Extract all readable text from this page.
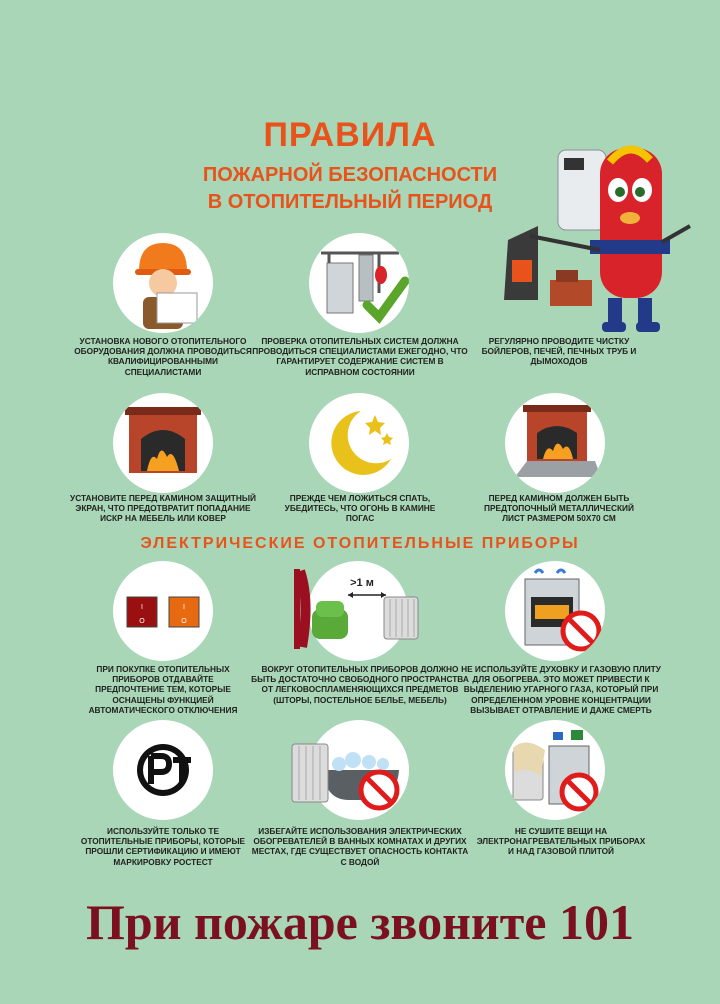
ПРАВИЛА
ПОЖАРНОЙ БЕЗОПАСНОСТИ
В ОТОПИТЕЛЬНЫЙ ПЕРИОД
УСТАНОВКА НОВОГО ОТОПИТЕЛЬНОГО ОБОРУДОВАНИЯ ДОЛЖНА ПРОВОДИТЬСЯ КВАЛИФИЦИРОВАННЫМИ СПЕЦИАЛИСТАМИ
ПРОВЕРКА ОТОПИТЕЛЬНЫХ СИСТЕМ ДОЛЖНА ПРОВОДИТЬСЯ СПЕЦИАЛИСТАМИ ЕЖЕГОДНО, ЧТО ГАРАНТИРУЕТ СОДЕРЖАНИЕ СИСТЕМ В ИСПРАВНОМ СОСТОЯНИИ
РЕГУЛЯРНО ПРОВОДИТЕ ЧИСТКУ БОЙЛЕРОВ, ПЕЧЕЙ, ПЕЧНЫХ ТРУБ И ДЫМОХОДОВ
УСТАНОВИТЕ ПЕРЕД КАМИНОМ ЗАЩИТНЫЙ ЭКРАН, ЧТО ПРЕДОТВРАТИТ ПОПАДАНИЕ ИСКР НА МЕБЕЛЬ ИЛИ КОВЕР
ПРЕЖДЕ ЧЕМ ЛОЖИТЬСЯ СПАТЬ, УБЕДИТЕСЬ, ЧТО ОГОНЬ В КАМИНЕ ПОГАС
ПЕРЕД КАМИНОМ ДОЛЖЕН БЫТЬ ПРЕДТОПОЧНЫЙ МЕТАЛЛИЧЕСКИЙ ЛИСТ РАЗМЕРОМ 50X70 СМ
ЭЛЕКТРИЧЕСКИЕ ОТОПИТЕЛЬНЫЕ ПРИБОРЫ
I
O
I
O
>1 м
ПРИ ПОКУПКЕ ОТОПИТЕЛЬНЫХ ПРИБОРОВ ОТДАВАЙТЕ ПРЕДПОЧТЕНИЕ ТЕМ, КОТОРЫЕ ОСНАЩЕНЫ ФУНКЦИЕЙ АВТОМАТИЧЕСКОГО ОТКЛЮЧЕНИЯ
ВОКРУГ ОТОПИТЕЛЬНЫХ ПРИБОРОВ ДОЛЖНО БЫТЬ ДОСТАТОЧНО СВОБОДНОГО ПРОСТРАНСТВА ОТ ЛЕГКОВОСПЛАМЕНЯЮЩИХСЯ ПРЕДМЕТОВ (ШТОРЫ, ПОСТЕЛЬНОЕ БЕЛЬЕ, МЕБЕЛЬ)
НЕ ИСПОЛЬЗУЙТЕ ДУХОВКУ И ГАЗОВУЮ ПЛИТУ ДЛЯ ОБОГРЕВА. ЭТО МОЖЕТ ПРИВЕСТИ К ВЫДЕЛЕНИЮ УГАРНОГО ГАЗА, КОТОРЫЙ ПРИ ОПРЕДЕЛЕННОМ УРОВНЕ КОНЦЕНТРАЦИИ ВЫЗЫВАЕТ ОТРАВЛЕНИЕ И ДАЖЕ СМЕРТЬ
ИСПОЛЬЗУЙТЕ ТОЛЬКО ТЕ ОТОПИТЕЛЬНЫЕ ПРИБОРЫ, КОТОРЫЕ ПРОШЛИ СЕРТИФИКАЦИЮ И ИМЕЮТ МАРКИРОВКУ РОСТЕСТ
ИЗБЕГАЙТЕ ИСПОЛЬЗОВАНИЯ ЭЛЕКТРИЧЕСКИХ ОБОГРЕВАТЕЛЕЙ В ВАННЫХ КОМНАТАХ И ДРУГИХ МЕСТАХ, ГДЕ СУЩЕСТВУЕТ ОПАСНОСТЬ КОНТАКТА С ВОДОЙ
НЕ СУШИТЕ ВЕЩИ НА ЭЛЕКТРОНАГРЕВАТЕЛЬНЫХ ПРИБОРАХ И НАД ГАЗОВОЙ ПЛИТОЙ
При пожаре звоните 101
